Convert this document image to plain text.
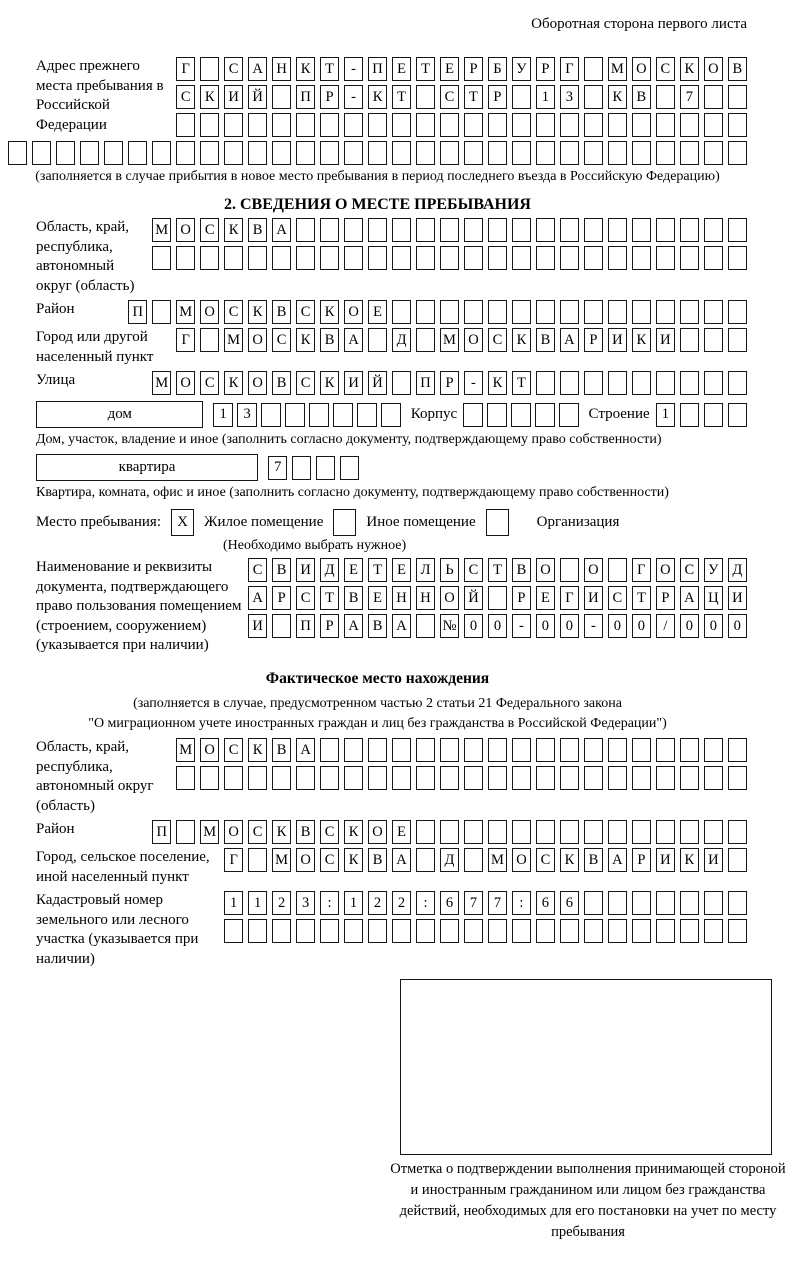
Оборотная сторона первого листа
Адрес прежнего места пребывания в Российской Федерации
Г	С А Н К	Т	-	П Е	Т	Е	Р	Б	У	Р	Г	М О С К О В
С К И Й	П	Р	-	К	Т	С	Т	Р	1	3	К В	7
(заполняется в случае прибытия в новое место пребывания в период последнего въезда в Российскую Федерацию)
2. СВЕДЕНИЯ О МЕСТЕ ПРЕБЫВАНИЯ
Область, край, республика, автономный округ (область)
М О С К В А
Район	П	М О С К В С К О Е
Город или другой населенный пункт
Г	М О С К В А	Д	М О С К В А	Р	И К И
Улица	М О С К О В С К И Й	П	Р	-	К	Т
дом	1	3	Корпус	Строение 1
Дом, участок, владение и иное (заполнить согласно документу, подтверждающему право собственности)
квартира	7
Квартира, комната, офис и иное (заполнить согласно документу, подтверждающему право собственности)
Место пребывания:	X	Жилое помещение	Иное помещение	Организация
(Необходимо выбрать нужное)
Наименование и реквизиты документа, подтверждающего право пользования помещением (строением, сооружением) (указывается при наличии)
С В И Д	Е	Т	Е	Л	Ь	С	Т	В О	О	Г	О С У Д
А	Р	С	Т	В	Е Н Н О Й	Р	Е	Г	И С	Т	Р	А Ц И
И	П	Р	А В А	№ 0	0	-	0	0	-	0	0	/	0	0	0
Фактическое место нахождения
(заполняется в случае, предусмотренном частью 2 статьи 21 Федерального закона
"О миграционном учете иностранных граждан и лиц без гражданства в Российской Федерации")
Область, край, республика, автономный округ (область)
М О С К В А
Район	П	М О С К В С К О Е
Город, сельское поселение, иной населенный пункт
Г	М О С К В А	Д	М О С К В А	Р	И К И
Кадастровый номер земельного или лесного участка (указывается при наличии)
1	1	2	3	:	1	2	2	:	6	7	7	:	6	6
Отметка о подтверждении выполнения принимающей стороной и иностранным гражданином или лицом без гражданства действий, необходимых для его постановки на учет по месту пребывания
